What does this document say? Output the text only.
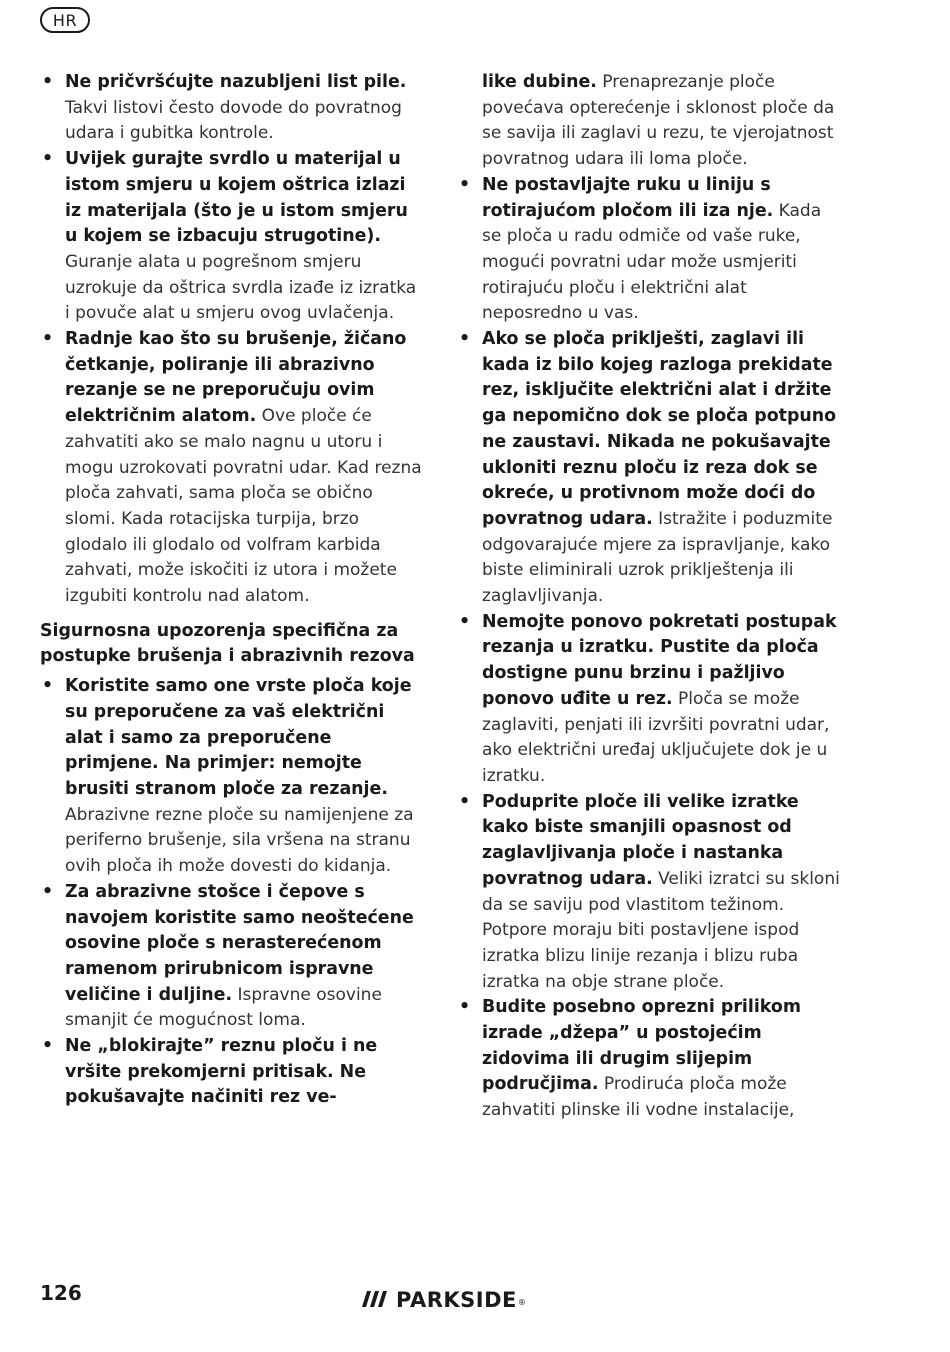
HR
• Ne pričvršćujte nazubljeni list pile. Takvi listovi često dovode do povratnog udara i gubitka kontrole.
• Uvijek gurajte svrdlo u materijal u istom smjeru u kojem oštrica izlazi iz materijala (što je u istom smjeru u kojem se izbacuju strugotine). Guranje alata u pogrešnom smjeru uzrokuje da oštrica svrdla izađe iz izratka i povuče alat u smjeru ovog uvlačenja.
• Radnje kao što su brušenje, žičano četkanje, poliranje ili abrazivno rezanje se ne preporučuju ovim električnim alatom. Ove ploče će zahvatiti ako se malo nagnu u utoru i mogu uzrokovati povratni udar. Kad rezna ploča zahvati, sama ploča se obično slomi. Kada rotacijska turpija, brzo glodalo ili glodalo od volfram karbida zahvati, može iskočiti iz utora i možete izgubiti kontrolu nad alatom.
Sigurnosna upozorenja specifična za postupke brušenja i abrazivnih rezova
• Koristite samo one vrste ploča koje su preporučene za vaš električni alat i samo za preporučene primjene. Na primjer: nemojte brusiti stranom ploče za rezanje. Abrazivne rezne ploče su namijenjene za periferno brušenje, sila vršena na stranu ovih ploča ih može dovesti do kidanja.
• Za abrazivne stošce i čepove s navojem koristite samo neoštećene osovine ploče s nerasterećenom ramenom prirubnicom ispravne veličine i duljine. Ispravne osovine smanjit će mogućnost loma.
• Ne „blokirajte” reznu ploču i ne vršite prekomjerni pritisak. Ne pokušavajte načiniti rez ve-
like dubine. Prenaprezanje ploče povećava opterećenje i sklonost ploče da se savija ili zaglavi u rezu, te vjerojatnost povratnog udara ili loma ploče.
• Ne postavljajte ruku u liniju s rotirajućom pločom ili iza nje. Kada se ploča u radu odmiče od vaše ruke, mogući povratni udar može usmjeriti rotirajuću ploču i električni alat neposredno u vas.
• Ako se ploča priklješti, zaglavi ili kada iz bilo kojeg razloga prekidate rez, isključite električni alat i držite ga nepomično dok se ploča potpuno ne zaustavi. Nikada ne pokušavajte ukloniti reznu ploču iz reza dok se okreće, u protivnom može doći do povratnog udara. Istražite i poduzmite odgovarajuće mjere za ispravljanje, kako biste eliminirali uzrok priklještenja ili zaglavljivanja.
• Nemojte ponovo pokretati postupak rezanja u izratku. Pustite da ploča dostigne punu brzinu i pažljivo ponovo uđite u rez. Ploča se može zaglaviti, penjati ili izvršiti povratni udar, ako električni uređaj uključujete dok je u izratku.
• Poduprite ploče ili velike izratke kako biste smanjili opasnost od zaglavljivanja ploče i nastanka povratnog udara. Veliki izratci su skloni da se saviju pod vlastitom težinom. Potpore moraju biti postavljene ispod izratka blizu linije rezanja i blizu ruba izratka na obje strane ploče.
• Budite posebno oprezni prilikom izrade „džepa” u postojećim zidovima ili drugim slijepim područjima. Prodiruća ploča može zahvatiti plinske ili vodne instalacije,
126	PARKSIDE®
